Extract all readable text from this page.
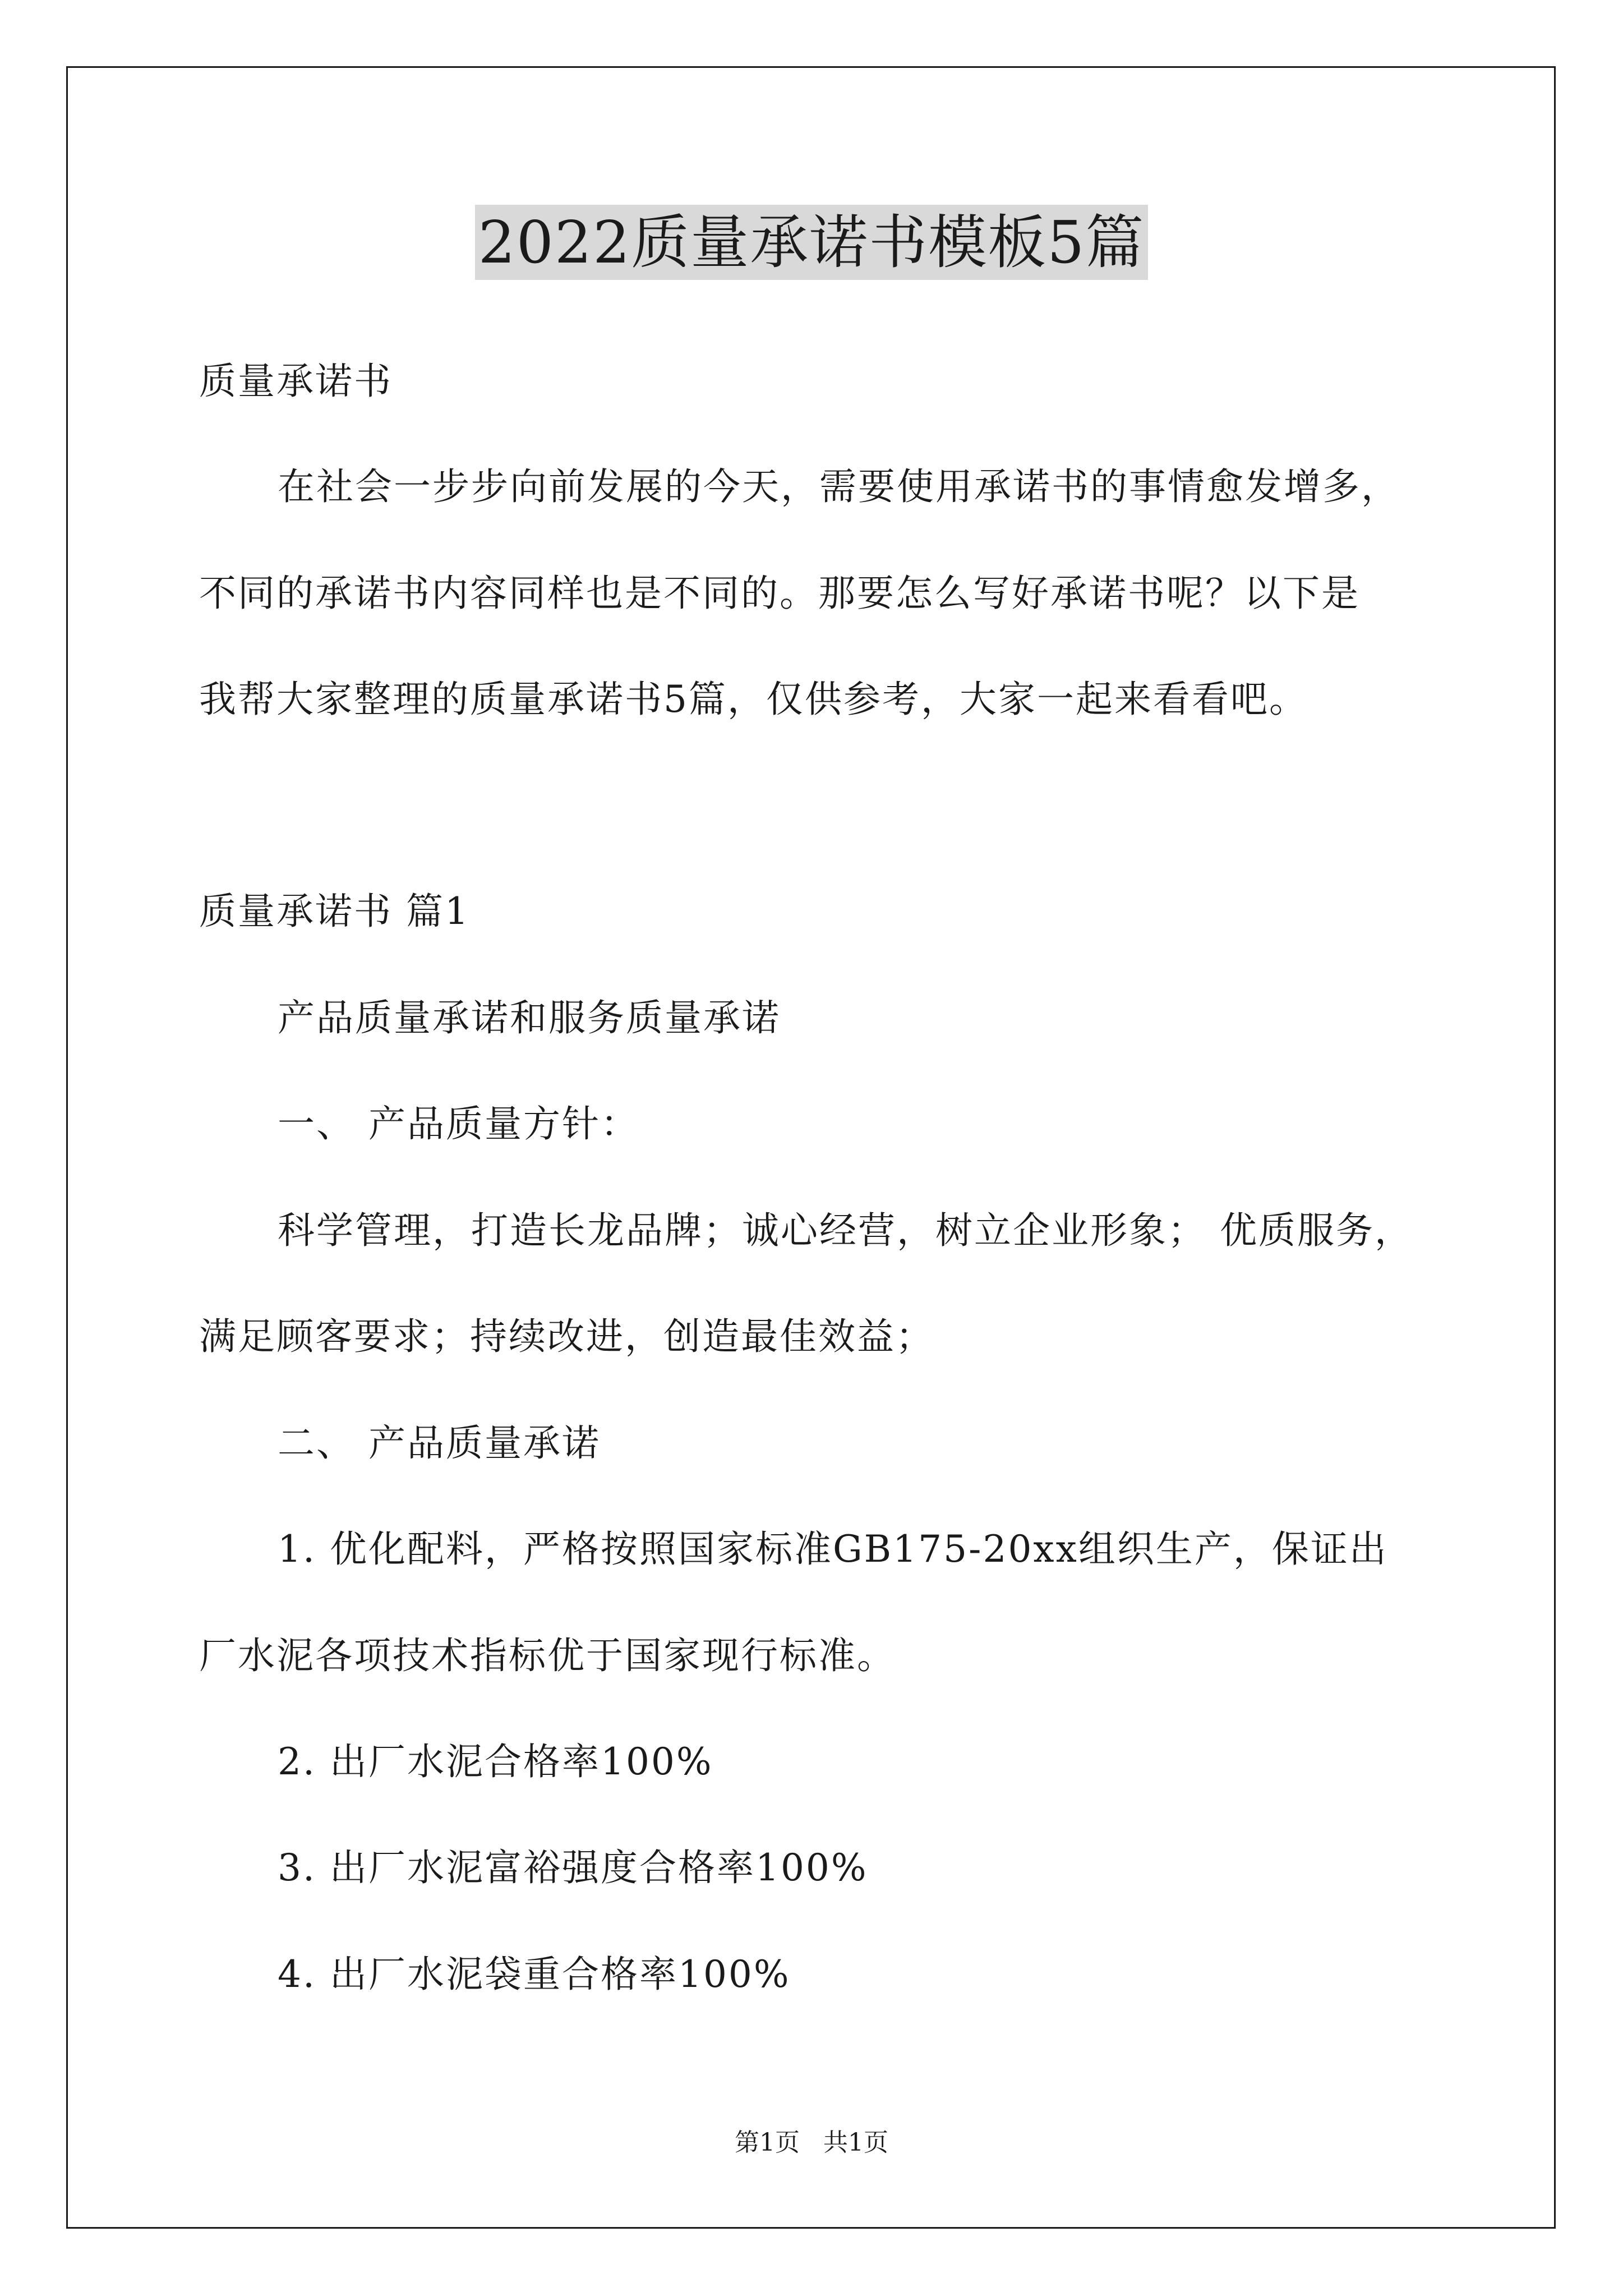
2022质量承诺书模板5篇
质量承诺书
在社会一步步向前发展的今天，需要使用承诺书的事情愈发增多，
不同的承诺书内容同样也是不同的。那要怎么写好承诺书呢？以下是
我帮大家整理的质量承诺书5篇，仅供参考，大家一起来看看吧。
质量承诺书 篇1
产品质量承诺和服务质量承诺
一、 产品质量方针：
科学管理，打造长龙品牌；诚心经营，树立企业形象； 优质服务，
满足顾客要求；持续改进，创造最佳效益；
二、 产品质量承诺
1. 优化配料，严格按照国家标准GB175-20xx组织生产，保证出
厂水泥各项技术指标优于国家现行标准。
2. 出厂水泥合格率100%
3. 出厂水泥富裕强度合格率100%
4. 出厂水泥袋重合格率100%
第1页 共1页
